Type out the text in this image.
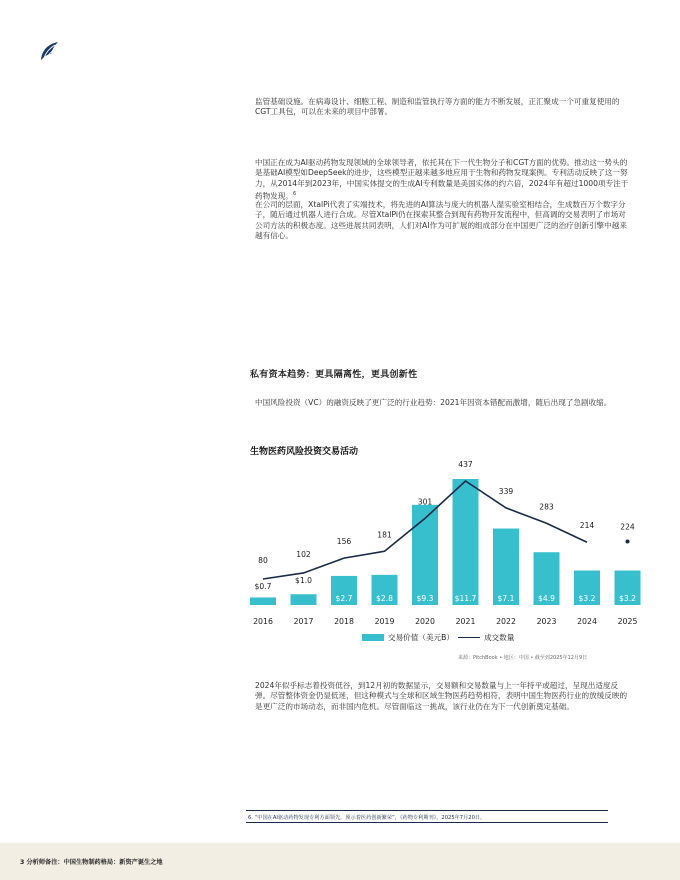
监管基础设施。在病毒设计、细胞工程、制造和监管执行等方面的能力不断发展，正汇聚成一个可重复使用的CGT工具包，可以在未来的项目中部署。

中国正在成为AI驱动药物发现领域的全球领导者，依托其在下一代生物分子和CGT方面的优势。推动这一势头的是基础AI模型如DeepSeek的进步，这些模型正越来越多地应用于生物和药物发现案例。专利活动反映了这一努力，从2014年到2023年，中国实体提交的生成AI专利数量是美国实体的约六倍，2024年有超过1000项专注于药物发现。$^6$

在公司的层面，XtalPi代表了实端技术，将先进的AI算法与庞大的机器人湿实验室相结合，生成数百万个数字分子，随后通过机器人进行合成。尽管XtalPi仍在探索其整合到现有药物开发流程中，但高调的交易表明了市场对公司方法的积极态度。这些进展共同表明，人们对AI作为可扩展的组成部分在中国更广泛的治疗创新引擎中越来越有信心。

私有资本趋势：更具隔离性，更具创新性

中国风险投资（VC）的融资反映了更广泛的行业趋势：2021年因资本错配而激增，随后出现了急剧收缩。

生物医药风险投资交易活动
$0.7
$1.0
$2.7	$2.8	$9.3	$11.7	$7.1	$4.9	$3.2	$3.2
80
102
156
181
301
437
339
283
214	224
2016	2017	2018	2019	2020	2021	2022	2023	2024	2025
交易价值（美元B）	成交数量
来源：PitchBook • 地区：中国 • 截至到2025年12月9日

2024年似乎标志着投资低谷，到12月初的数据显示，交易额和交易数量与上一年持平或超过，呈现出适度反弹。尽管整体资金仍显低迷，但这种模式与全球和区域生物医药趋势相符，表明中国生物医药行业的放缓反映的是更广泛的市场动态，而非国内危机。尽管面临这一挑战，该行业仍在为下一代创新奠定基础。

6. “中国在AI驱动药物发现专利方面领先，预示着医药创新繁荣”，《药物专利期刊》，2025年7月20日。
3 分析师备注：中国生物制药格局：新资产诞生之地
